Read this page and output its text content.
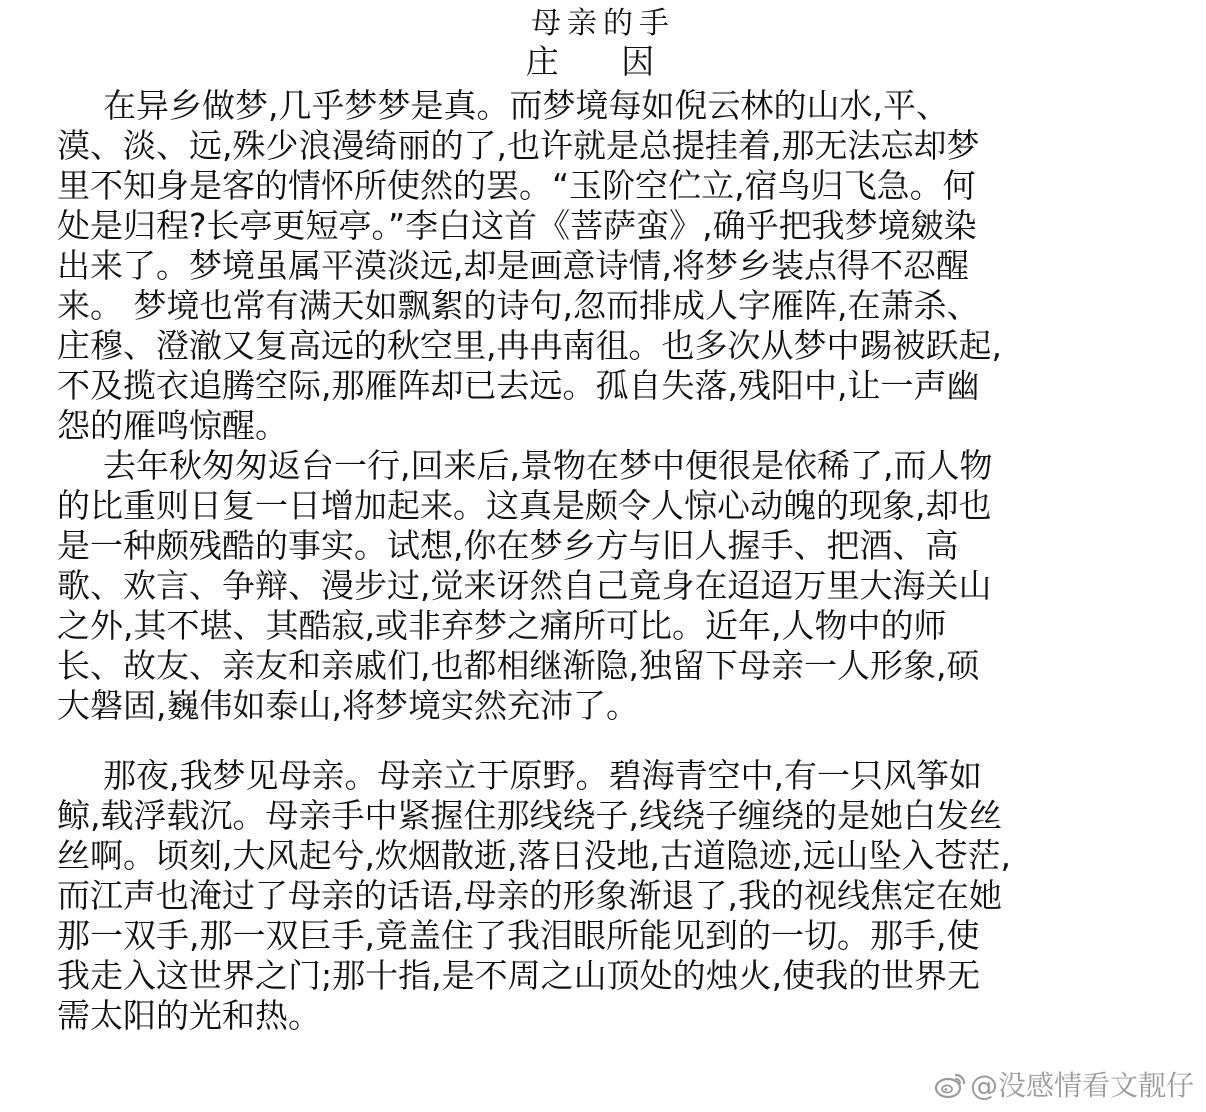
母亲的手
庄 因
在异乡做梦,几乎梦梦是真。而梦境每如倪云林的山水,平、
漠、淡、远,殊少浪漫绮丽的了,也许就是总提挂着,那无法忘却梦
里不知身是客的情怀所使然的罢。“玉阶空伫立,宿鸟归飞急。何
处是归程?长亭更短亭。”李白这首《菩萨蛮》,确乎把我梦境皴染
出来了。梦境虽属平漠淡远,却是画意诗情,将梦乡装点得不忍醒
来。 梦境也常有满天如飘絮的诗句,忽而排成人字雁阵,在萧杀、
庄穆、澄澈又复高远的秋空里,冉冉南徂。也多次从梦中踢被跃起,
不及揽衣追腾空际,那雁阵却已去远。孤自失落,残阳中,让一声幽
怨的雁鸣惊醒。
去年秋匆匆返台一行,回来后,景物在梦中便很是依稀了,而人物
的比重则日复一日增加起来。这真是颇令人惊心动魄的现象,却也
是一种颇残酷的事实。试想,你在梦乡方与旧人握手、把酒、高
歌、欢言、争辩、漫步过,觉来讶然自己竟身在迢迢万里大海关山
之外,其不堪、其酷寂,或非弃梦之痛所可比。近年,人物中的师
长、故友、亲友和亲戚们,也都相继渐隐,独留下母亲一人形象,硕
大磐固,巍伟如泰山,将梦境实然充沛了。
那夜,我梦见母亲。母亲立于原野。碧海青空中,有一只风筝如
鲸,载浮载沉。母亲手中紧握住那线绕子,线绕子缠绕的是她白发丝
丝啊。顷刻,大风起兮,炊烟散逝,落日没地,古道隐迹,远山坠入苍茫,
而江声也淹过了母亲的话语,母亲的形象渐退了,我的视线焦定在她
那一双手,那一双巨手,竟盖住了我泪眼所能见到的一切。那手,使
我走入这世界之门;那十指,是不周之山顶处的烛火,使我的世界无
需太阳的光和热。
@没感情看文靓仔
